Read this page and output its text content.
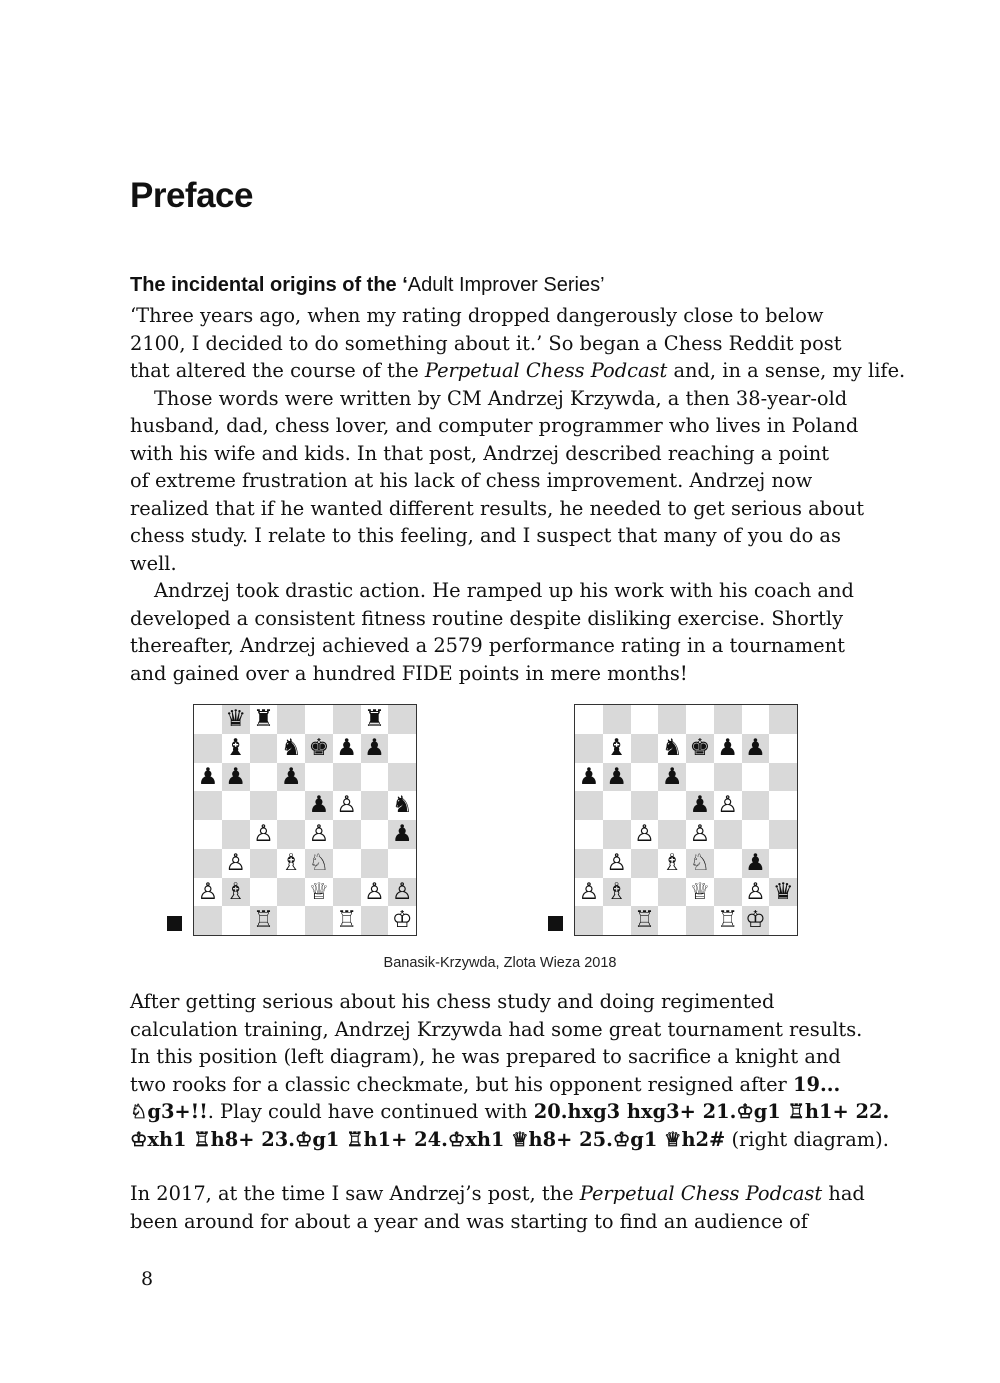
Preface
The incidental origins of the ‘Adult Improver Series’
‘Three years ago, when my rating dropped dangerously close to below
2100, I decided to do something about it.’ So began a Chess Reddit post
that altered the course of the Perpetual Chess Podcast and, in a sense, my life.
Those words were written by CM Andrzej Krzywda, a then 38-year-old
husband, dad, chess lover, and computer programmer who lives in Poland
with his wife and kids. In that post, Andrzej described reaching a point
of extreme frustration at his lack of chess improvement. Andrzej now
realized that if he wanted different results, he needed to get serious about
chess study. I relate to this feeling, and I suspect that many of you do as
well.
Andrzej took drastic action. He ramped up his work with his coach and
developed a consistent fitness routine despite disliking exercise. Shortly
thereafter, Andrzej achieved a 2579 performance rating in a tournament
and gained over a hundred FIDE points in mere months!
♛ ♜	♜
♝ ♞ ♚ ♟ ♟
♟ ♟ ♟
♟ ♙ ♞
♙ ♙	♟
♙ ♗ ♘
♙ ♗	♕ ♙ ♙
♖	♖ ♔
♝ ♞ ♚ ♟ ♟
♟ ♟ ♟
♟ ♙
♙ ♙
♙ ♗ ♘ ♟
♙ ♗	♕ ♙ ♛
♖	♖ ♔
Banasik-Krzywda, Zlota Wieza 2018
After getting serious about his chess study and doing regimented
calculation training, Andrzej Krzywda had some great tournament results.
In this position (left diagram), he was prepared to sacrifice a knight and
two rooks for a classic checkmate, but his opponent resigned after 19...
♘g3+!!. Play could have continued with 20.hxg3 hxg3+ 21.♔g1 ♖h1+ 22.
♔xh1 ♖h8+ 23.♔g1 ♖h1+ 24.♔xh1 ♕h8+ 25.♔g1 ♕h2# (right diagram).
In 2017, at the time I saw Andrzej’s post, the Perpetual Chess Podcast had
been around for about a year and was starting to find an audience of
8
